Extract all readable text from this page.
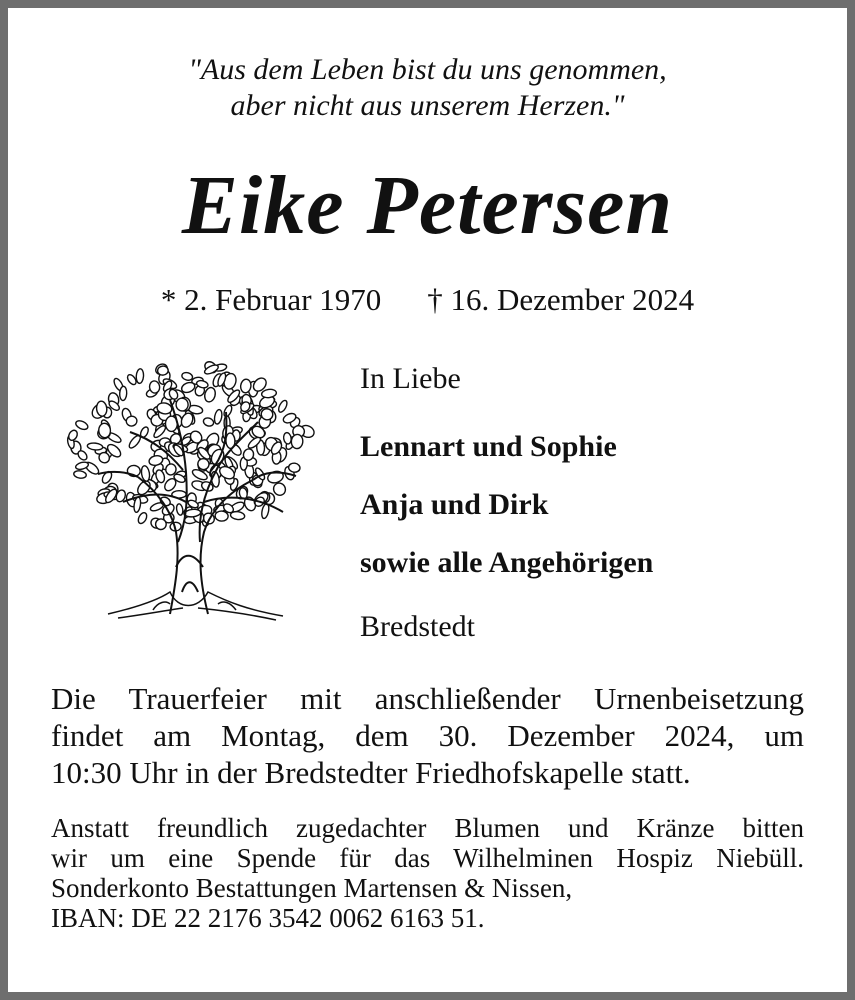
"Aus dem Leben bist du uns genommen,
aber nicht aus unserem Herzen."
Eike Petersen
* 2. Februar 1970 † 16. Dezember 2024
In Liebe
Lennart und Sophie
Anja und Dirk
sowie alle Angehörigen
Bredstedt
Die Trauerfeier mit anschließender Urnenbeisetzung
findet am Montag, dem 30. Dezember 2024, um
10:30 Uhr in der Bredstedter Friedhofskapelle statt.
Anstatt freundlich zugedachter Blumen und Kränze bitten
wir um eine Spende für das Wilhelminen Hospiz Niebüll.
Sonderkonto Bestattungen Martensen & Nissen,
IBAN: DE 22 2176 3542 0062 6163 51.
